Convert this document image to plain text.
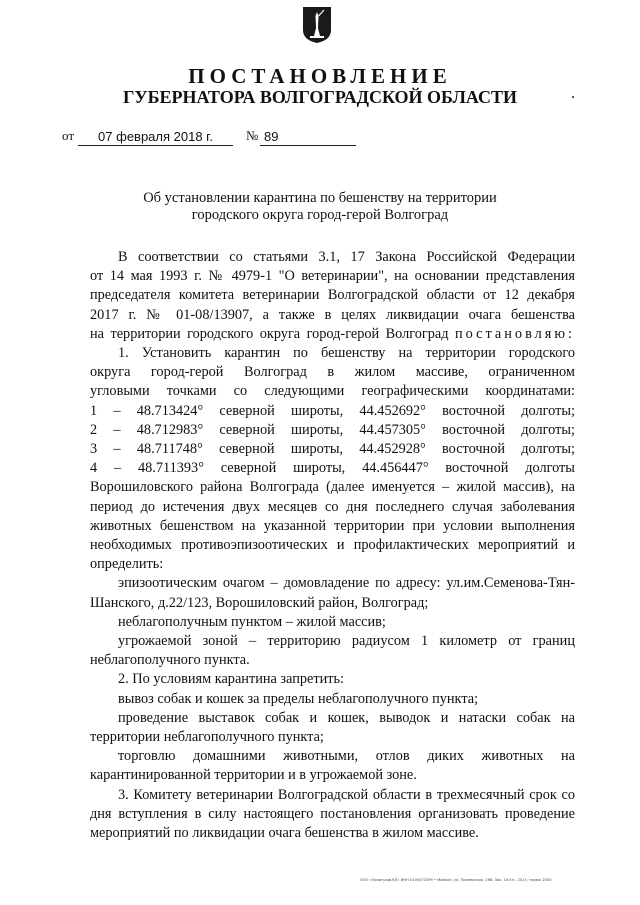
ПОСТАНОВЛЕНИЕ
ГУБЕРНАТОРА ВОЛГОГРАДСКОЙ ОБЛАСТИ
от	07 февраля 2018 г.	№ 89
Об установлении карантина по бешенству на территории
городского округа город-герой Волгоград

В соответствии со статьями 3.1, 17 Закона Российской Федерации

от 14 мая 1993 г. № 4979-1 "О ветеринарии", на основании представления

председателя комитета ветеринарии Волгоградской области от 12 декабря

2017 г. № 01-08/13907, а также в целях ликвидации очага бешенства

на территории городского округа город-герой Волгоград постановляю:

1. Установить карантин по бешенству на территории городского

округа город-герой Волгоград в жилом массиве, ограниченном

угловыми точками со следующими географическими координатами:

1 – 48.713424° северной широты, 44.452692° восточной долготы;
2 – 48.712983° северной широты, 44.457305° восточной долготы;
3 – 48.711748° северной широты, 44.452928° восточной долготы;
4 – 48.711393° северной широты, 44.456447° восточной долготы

Ворошиловского района Волгограда (далее именуется – жилой массив), на период до истечения двух месяцев со дня последнего случая заболевания животных бешенством на указанной территории при условии выполнения необходимых противоэпизоотических и профилактических мероприятий и определить:

эпизоотическим очагом – домовладение по адресу: ул.им.Семенова-Тян-Шанского, д.22/123, Ворошиловский район, Волгоград;

неблагополучным пунктом – жилой массив;

угрожаемой зоной – территорию радиусом 1 километр от границ неблагополучного пункта.

2. По условиям карантина запретить:

вывоз собак и кошек за пределы неблагополучного пункта;

проведение выставок собак и кошек, выводок и натаски собак на территории неблагополучного пункта;

торговлю домашними животными, отлов диких животных на карантинированной территории и в угрожаемой зоне.

3. Комитету ветеринарии Волгоградской области в трехмесячный срок со дня вступления в силу настоящего постановления организовать проведение мероприятий по ликвидации очага бешенства в жилом массиве.

ООО «Полиграф-КП» ИНН 0105072399 • Майкоп, ул. Пионерская, 268. Зак. 10«О», 2015, тираж 2000
